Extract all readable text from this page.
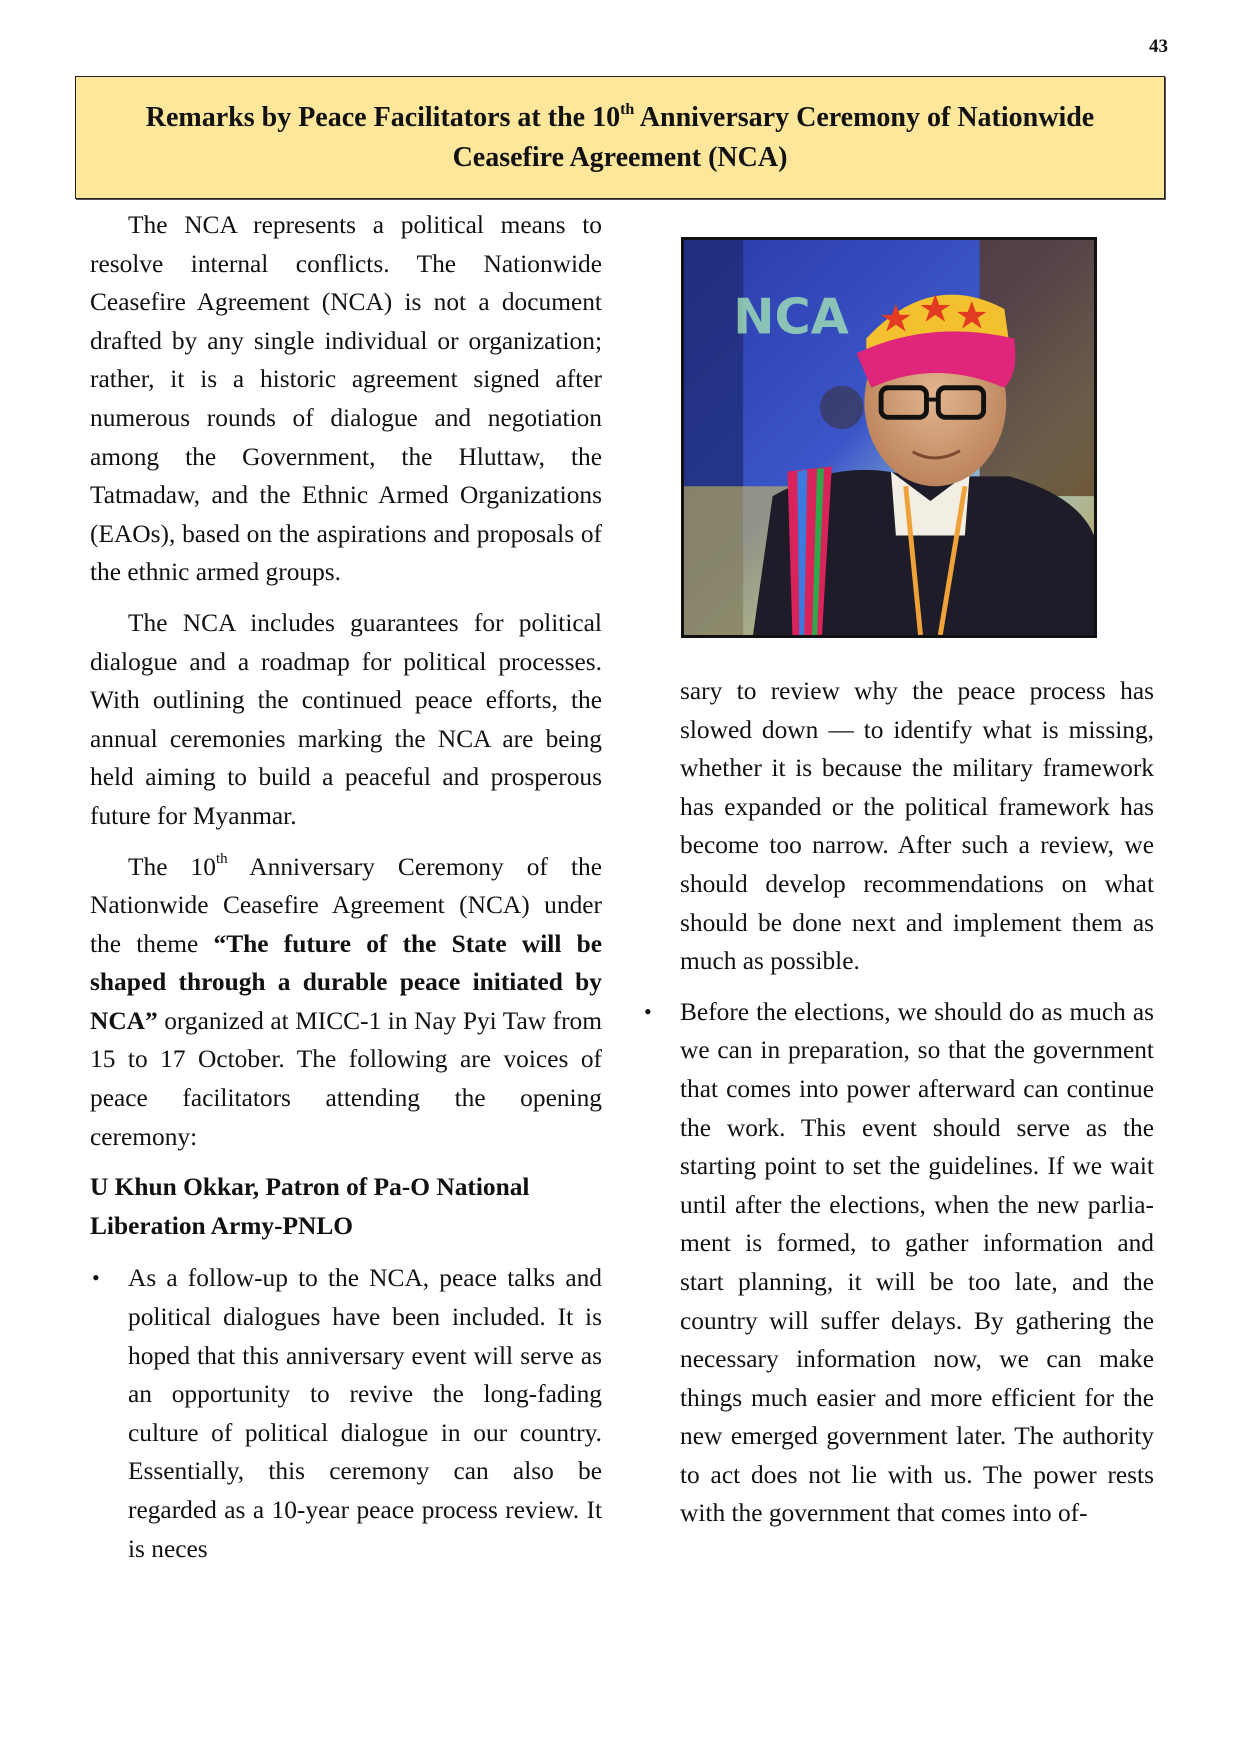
43
Remarks by Peace Facilitators at the 10th Anniversary Ceremony of Nationwide
Ceasefire Agreement (NCA)

The NCA represents a political means to resolve internal conflicts. The Nationwide Ceasefire Agreement (NCA) is not a document drafted by any single individual or organization; rather, it is a historic agreement signed after numerous rounds of dialogue and negotiation among the Government, the Hluttaw, the Tatmadaw, and the Ethnic Armed Organizations (EAOs), based on the aspirations and proposals of the ethnic armed groups.

The NCA includes guarantees for political dialogue and a roadmap for political processes. With outlining the continued peace efforts, the annual ceremonies marking the NCA are being held aiming to build a peaceful and prosperous future for Myanmar.

The 10th Anniversary Ceremony of the Nationwide Ceasefire Agreement (NCA) under the theme “The future of the State will be shaped through a durable peace initiated by NCA” organized at MICC-1 in Nay Pyi Taw from 15 to 17 October. The following are voices of peace facilitators attending the opening ceremony:

U Khun Okkar, Patron of Pa-O National Liberation Army-PNLO

• As a follow-up to the NCA, peace talks and political dialogues have been included. It is hoped that this anniversary event will serve as an opportunity to revive the long-fading culture of political dialogue in our country. Essentially, this ceremony can also be regarded as a 10-year peace process review. It is neces
NCA

sary to review why the peace process has slowed down — to identify what is missing, whether it is because the military framework has expanded or the political framework has become too narrow. After such a review, we should develop recommendations on what should be done next and implement them as much as possible.

• Before the elections, we should do as much as we can in preparation, so that the government that comes into power afterward can continue the work. This event should serve as the starting point to set the guidelines. If we wait until after the elections, when the new parliament is formed, to gather information and start planning, it will be too late, and the country will suffer delays. By gathering the necessary information now, we can make things much easier and more efficient for the new emerged government later. The authority to act does not lie with us. The power rests with the government that comes into of-
